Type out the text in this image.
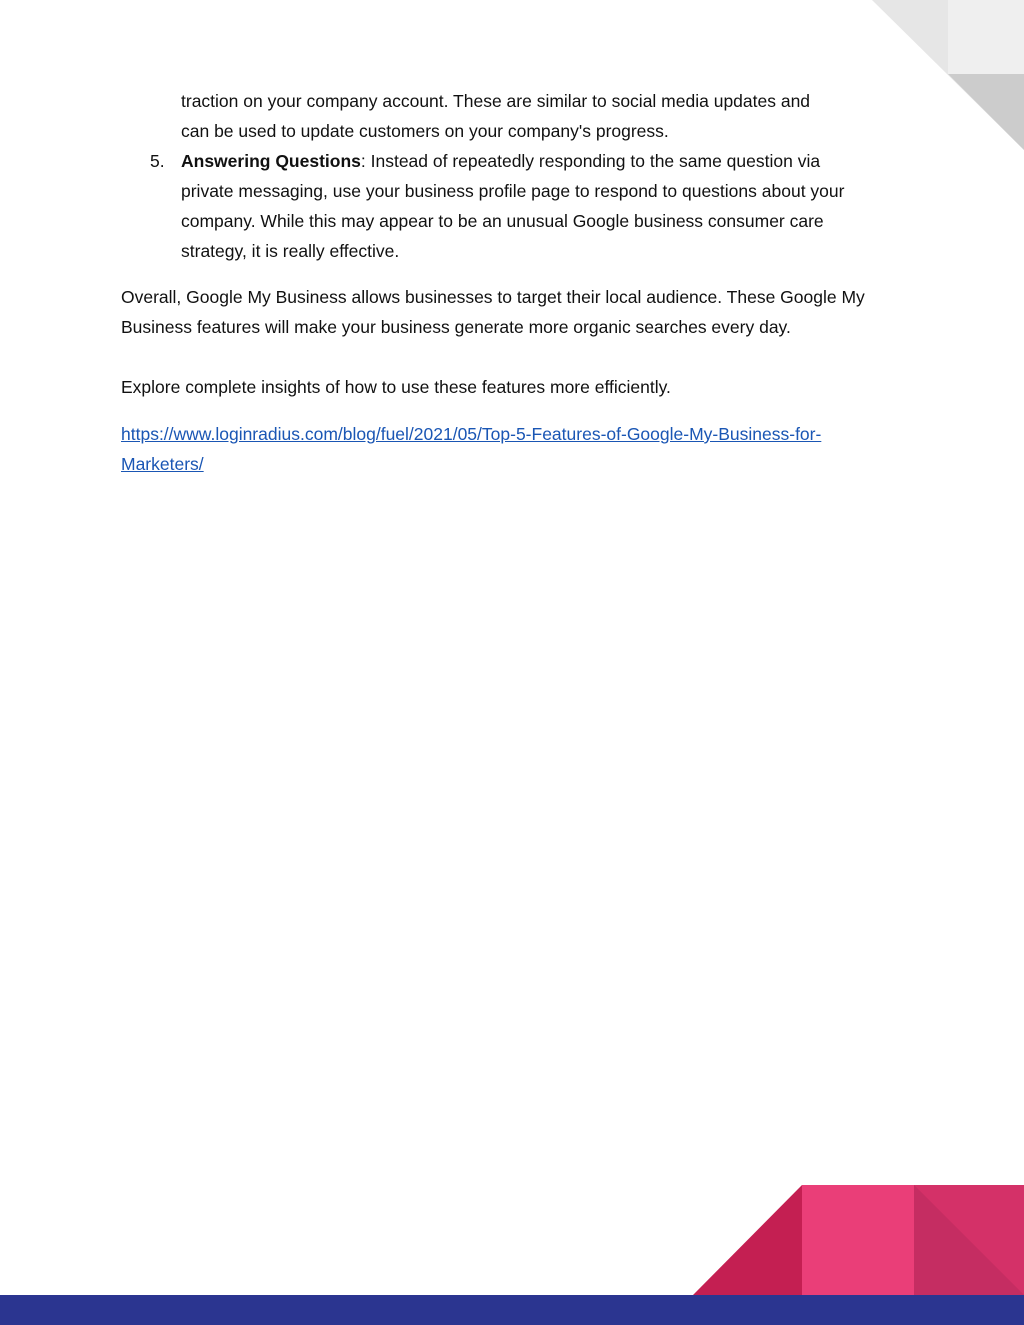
traction on your company account. These are similar to social media updates and

can be used to update customers on your company's progress.

5. Answering Questions: Instead of repeatedly responding to the same question via

private messaging, use your business profile page to respond to questions about your

company. While this may appear to be an unusual Google business consumer care

strategy, it is really effective.

Overall, Google My Business allows businesses to target their local audience. These Google My

Business features will make your business generate more organic searches every day.

Explore complete insights of how to use these features more efficiently.

https://www.loginradius.com/blog/fuel/2021/05/Top-5-Features-of-Google-My-Business-for-
Marketers/
